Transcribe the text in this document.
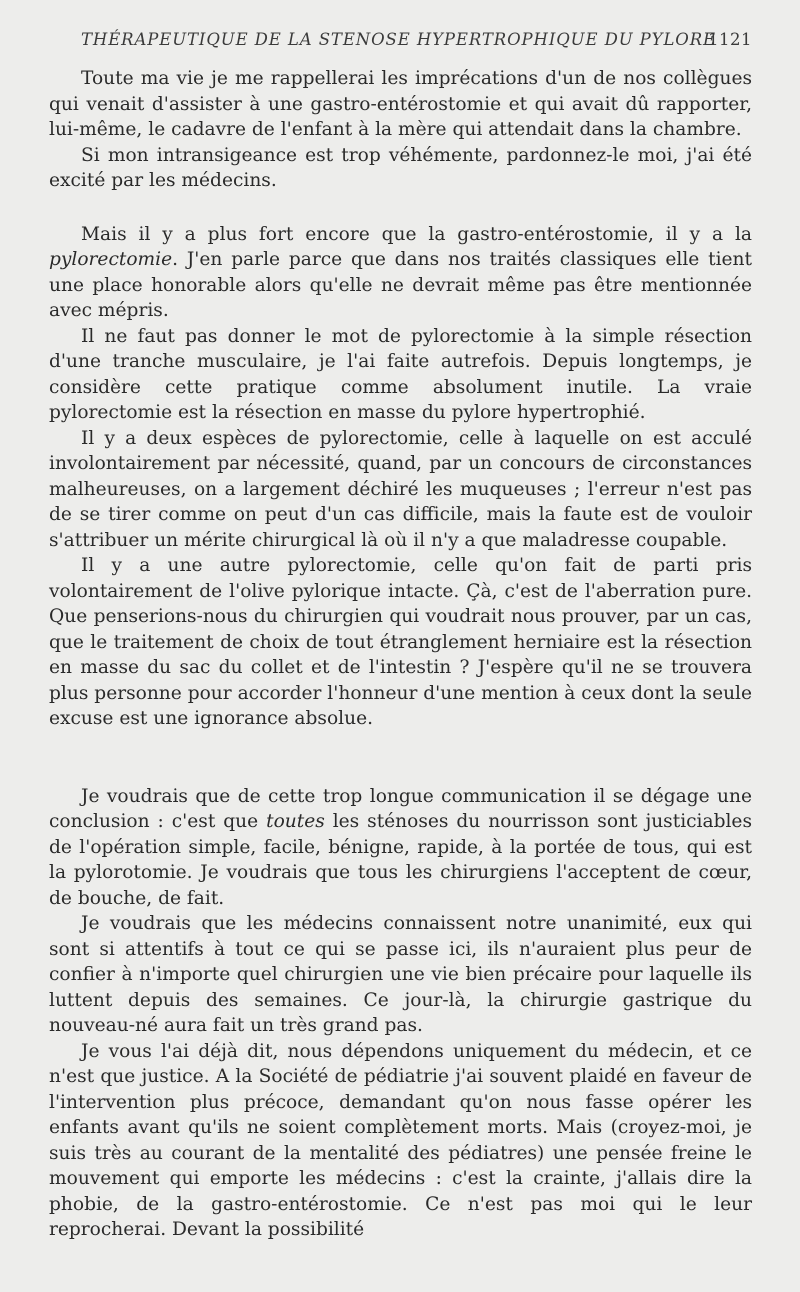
THÉRAPEUTIQUE DE LA STENOSE HYPERTROPHIQUE DU PYLORE
1121

Toute ma vie je me rappellerai les imprécations d'un de nos collègues qui venait d'assister à une gastro-entérostomie et qui avait dû rapporter, lui-même, le cadavre de l'enfant à la mère qui attendait dans la chambre.

Si mon intransigeance est trop véhémente, pardonnez-le moi, j'ai été excité par les médecins.

Mais il y a plus fort encore que la gastro-entérostomie, il y a la pylorectomie. J'en parle parce que dans nos traités classiques elle tient une place honorable alors qu'elle ne devrait même pas être mentionnée avec mépris.

Il ne faut pas donner le mot de pylorectomie à la simple résection d'une tranche musculaire, je l'ai faite autrefois. Depuis longtemps, je considère cette pratique comme absolument inutile. La vraie pylorectomie est la résection en masse du pylore hypertrophié.

Il y a deux espèces de pylorectomie, celle à laquelle on est acculé involontairement par nécessité, quand, par un concours de circonstances malheureuses, on a largement déchiré les muqueuses ; l'erreur n'est pas de se tirer comme on peut d'un cas difficile, mais la faute est de vouloir s'attribuer un mérite chirurgical là où il n'y a que maladresse coupable.

Il y a une autre pylorectomie, celle qu'on fait de parti pris volontairement de l'olive pylorique intacte. Çà, c'est de l'aberration pure. Que penserions-nous du chirurgien qui voudrait nous prouver, par un cas, que le traitement de choix de tout étranglement herniaire est la résection en masse du sac du collet et de l'intestin ? J'espère qu'il ne se trouvera plus personne pour accorder l'honneur d'une mention à ceux dont la seule excuse est une ignorance absolue.

Je voudrais que de cette trop longue communication il se dégage une conclusion : c'est que toutes les sténoses du nourrisson sont justiciables de l'opération simple, facile, bénigne, rapide, à la portée de tous, qui est la pylorotomie. Je voudrais que tous les chirurgiens l'acceptent de cœur, de bouche, de fait.

Je voudrais que les médecins connaissent notre unanimité, eux qui sont si attentifs à tout ce qui se passe ici, ils n'auraient plus peur de confier à n'importe quel chirurgien une vie bien précaire pour laquelle ils luttent depuis des semaines. Ce jour-là, la chirurgie gastrique du nouveau-né aura fait un très grand pas.

Je vous l'ai déjà dit, nous dépendons uniquement du médecin, et ce n'est que justice. A la Société de pédiatrie j'ai souvent plaidé en faveur de l'intervention plus précoce, demandant qu'on nous fasse opérer les enfants avant qu'ils ne soient complètement morts. Mais (croyez-moi, je suis très au courant de la mentalité des pédiatres) une pensée freine le mouvement qui emporte les médecins : c'est la crainte, j'allais dire la phobie, de la gastro-entérostomie. Ce n'est pas moi qui le leur reprocherai. Devant la possibilité
